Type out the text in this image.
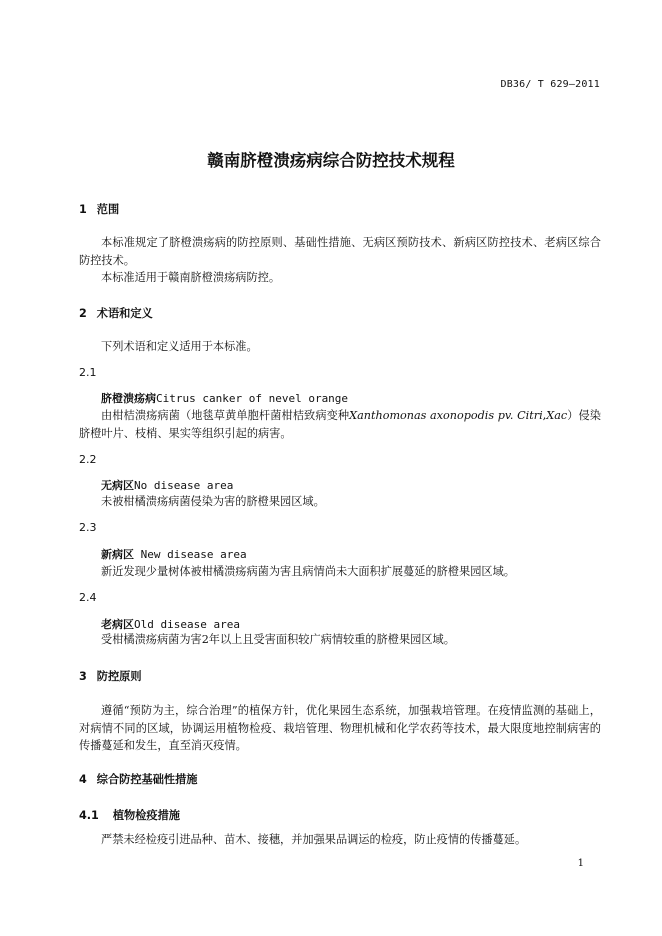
DB36/ T 629—2011
赣南脐橙溃疡病综合防控技术规程
1 范围
本标准规定了脐橙溃疡病的防控原则、基础性措施、无病区预防技术、新病区防控技术、老病区综合防控技术。
本标准适用于赣南脐橙溃疡病防控。
2 术语和定义
下列术语和定义适用于本标准。
2.1
脐橙溃疡病Citrus canker of nevel orange
由柑桔溃疡病菌（地毯草黄单胞杆菌柑桔致病变种Xanthomonas axonopodis pv. Citri,Xac）侵染脐橙叶片、枝梢、果实等组织引起的病害。
2.2
无病区No disease area
未被柑橘溃疡病菌侵染为害的脐橙果园区域。
2.3
新病区 New disease area
新近发现少量树体被柑橘溃疡病菌为害且病情尚未大面积扩展蔓延的脐橙果园区域。
2.4
老病区Old disease area
受柑橘溃疡病菌为害2年以上且受害面积较广病情较重的脐橙果园区域。
3 防控原则
遵循“预防为主，综合治理”的植保方针，优化果园生态系统，加强栽培管理。在疫情监测的基础上，对病情不同的区域，协调运用植物检疫、栽培管理、物理机械和化学农药等技术，最大限度地控制病害的传播蔓延和发生，直至消灭疫情。
4 综合防控基础性措施
4.1 植物检疫措施
严禁未经检疫引进品种、苗木、接穗，并加强果品调运的检疫，防止疫情的传播蔓延。
1
